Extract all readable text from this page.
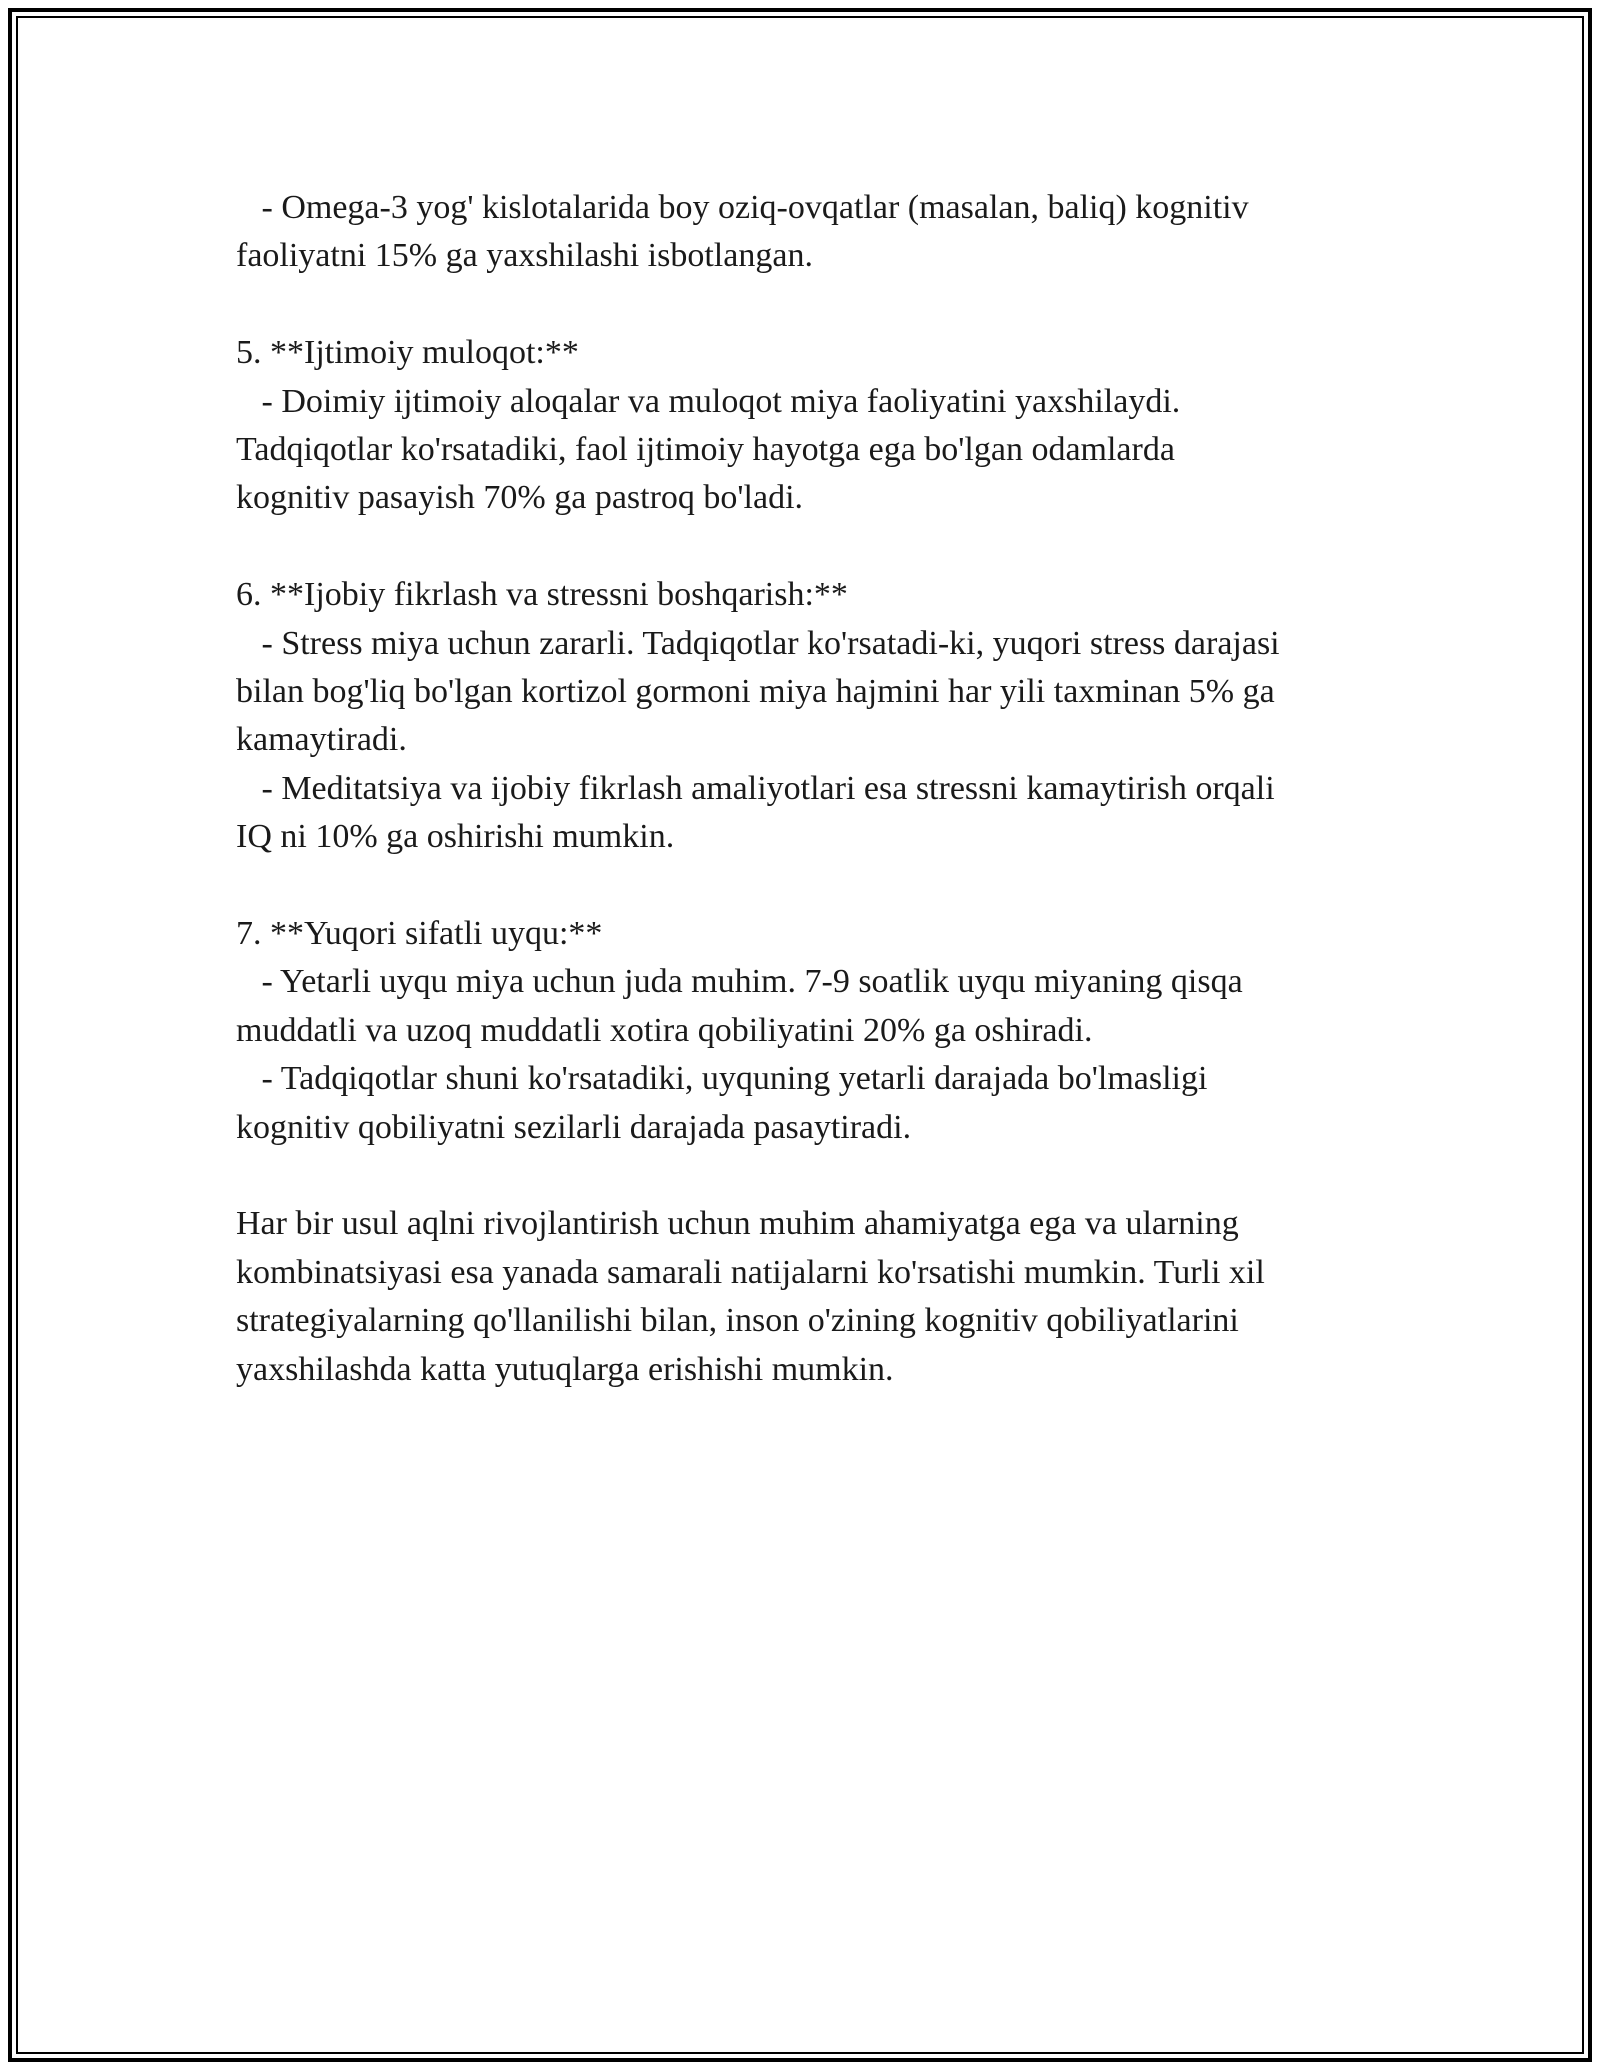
- Omega-3 yog' kislotalarida boy oziq-ovqatlar (masalan, baliq) kognitiv
faoliyatni 15% ga yaxshilashi isbotlangan.
5. **Ijtimoiy muloqot:**
- Doimiy ijtimoiy aloqalar va muloqot miya faoliyatini yaxshilaydi.
Tadqiqotlar ko'rsatadiki, faol ijtimoiy hayotga ega bo'lgan odamlarda
kognitiv pasayish 70% ga pastroq bo'ladi.
6. **Ijobiy fikrlash va stressni boshqarish:**
- Stress miya uchun zararli. Tadqiqotlar ko'rsatadi-ki, yuqori stress darajasi
bilan bog'liq bo'lgan kortizol gormoni miya hajmini har yili taxminan 5% ga
kamaytiradi.
- Meditatsiya va ijobiy fikrlash amaliyotlari esa stressni kamaytirish orqali
IQ ni 10% ga oshirishi mumkin.
7. **Yuqori sifatli uyqu:**
- Yetarli uyqu miya uchun juda muhim. 7-9 soatlik uyqu miyaning qisqa
muddatli va uzoq muddatli xotira qobiliyatini 20% ga oshiradi.
- Tadqiqotlar shuni ko'rsatadiki, uyquning yetarli darajada bo'lmasligi
kognitiv qobiliyatni sezilarli darajada pasaytiradi.
Har bir usul aqlni rivojlantirish uchun muhim ahamiyatga ega va ularning
kombinatsiyasi esa yanada samarali natijalarni ko'rsatishi mumkin. Turli xil
strategiyalarning qo'llanilishi bilan, inson o'zining kognitiv qobiliyatlarini
yaxshilashda katta yutuqlarga erishishi mumkin.
